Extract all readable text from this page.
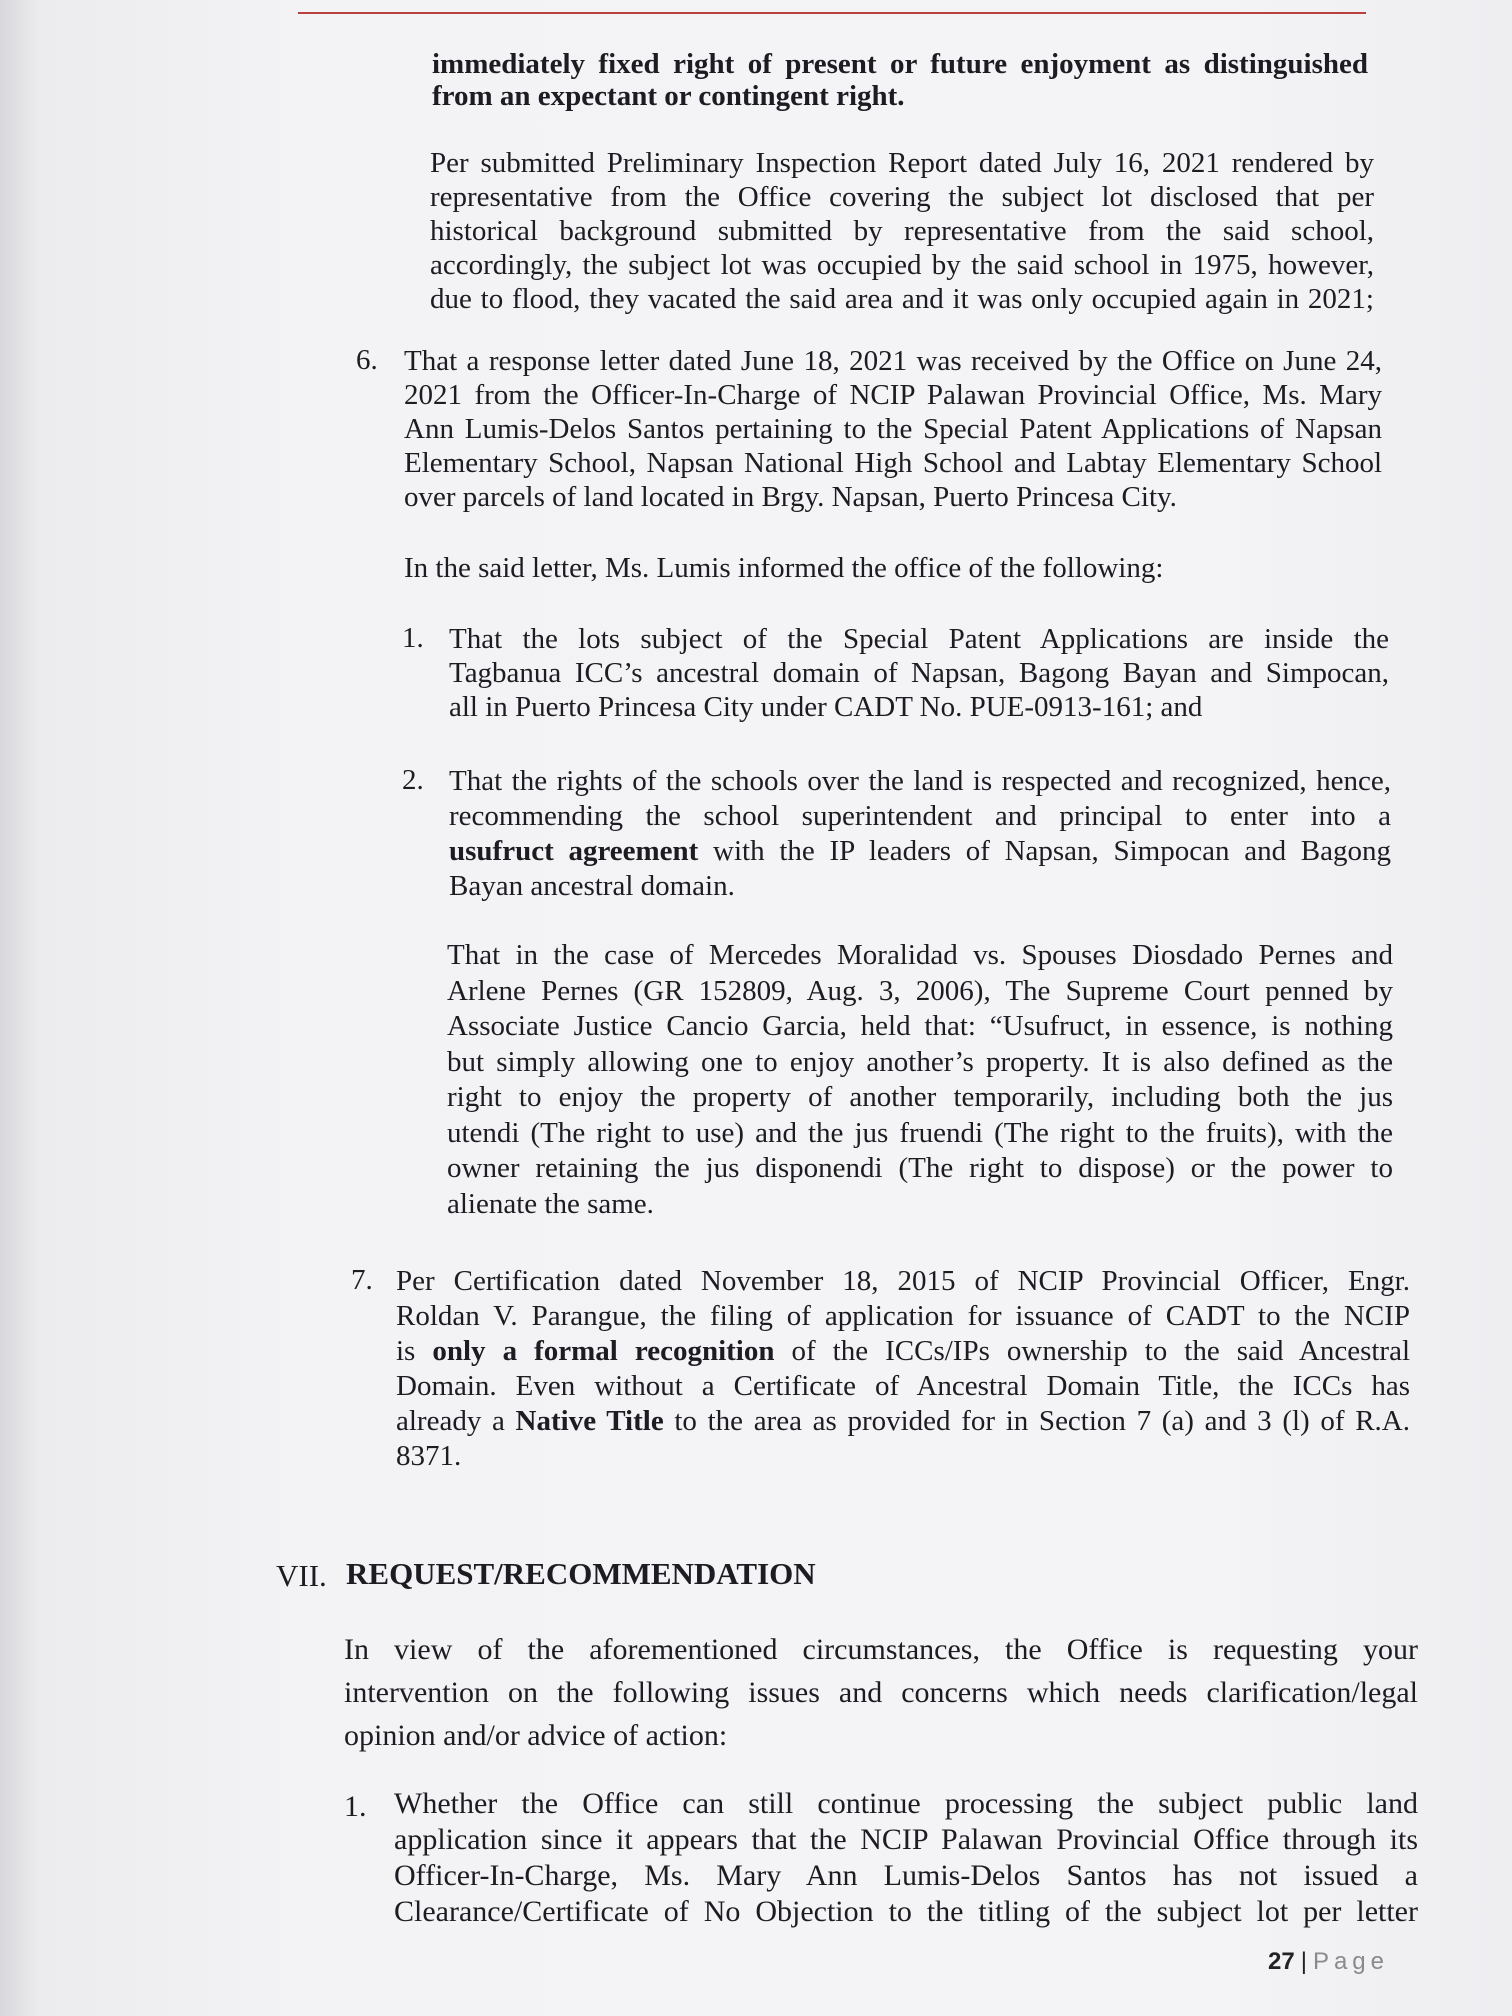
immediately fixed right of present or future enjoyment as distinguished
from an expectant or contingent right.
Per submitted Preliminary Inspection Report dated July 16, 2021 rendered by
representative from the Office covering the subject lot disclosed that per
historical background submitted by representative from the said school,
accordingly, the subject lot was occupied by the said school in 1975, however,
due to flood, they vacated the said area and it was only occupied again in 2021;
6. That a response letter dated June 18, 2021 was received by the Office on June 24,
2021 from the Officer-In-Charge of NCIP Palawan Provincial Office, Ms. Mary
Ann Lumis-Delos Santos pertaining to the Special Patent Applications of Napsan
Elementary School, Napsan National High School and Labtay Elementary School
over parcels of land located in Brgy. Napsan, Puerto Princesa City.
In the said letter, Ms. Lumis informed the office of the following:
1. That the lots subject of the Special Patent Applications are inside the
Tagbanua ICC’s ancestral domain of Napsan, Bagong Bayan and Simpocan,
all in Puerto Princesa City under CADT No. PUE-0913-161; and
2. That the rights of the schools over the land is respected and recognized, hence,
recommending the school superintendent and principal to enter into a
usufruct agreement with the IP leaders of Napsan, Simpocan and Bagong
Bayan ancestral domain.
That in the case of Mercedes Moralidad vs. Spouses Diosdado Pernes and
Arlene Pernes (GR 152809, Aug. 3, 2006), The Supreme Court penned by
Associate Justice Cancio Garcia, held that: “Usufruct, in essence, is nothing
but simply allowing one to enjoy another’s property. It is also defined as the
right to enjoy the property of another temporarily, including both the jus
utendi (The right to use) and the jus fruendi (The right to the fruits), with the
owner retaining the jus disponendi (The right to dispose) or the power to
alienate the same.
7. Per Certification dated November 18, 2015 of NCIP Provincial Officer, Engr.
Roldan V. Parangue, the filing of application for issuance of CADT to the NCIP
is only a formal recognition of the ICCs/IPs ownership to the said Ancestral
Domain. Even without a Certificate of Ancestral Domain Title, the ICCs has
already a Native Title to the area as provided for in Section 7 (a) and 3 (l) of R.A.
8371.
VII. REQUEST/RECOMMENDATION
In view of the aforementioned circumstances, the Office is requesting your
intervention on the following issues and concerns which needs clarification/legal
opinion and/or advice of action:
1. Whether the Office can still continue processing the subject public land
application since it appears that the NCIP Palawan Provincial Office through its
Officer-In-Charge, Ms. Mary Ann Lumis-Delos Santos has not issued a
Clearance/Certificate of No Objection to the titling of the subject lot per letter
27 | Page
